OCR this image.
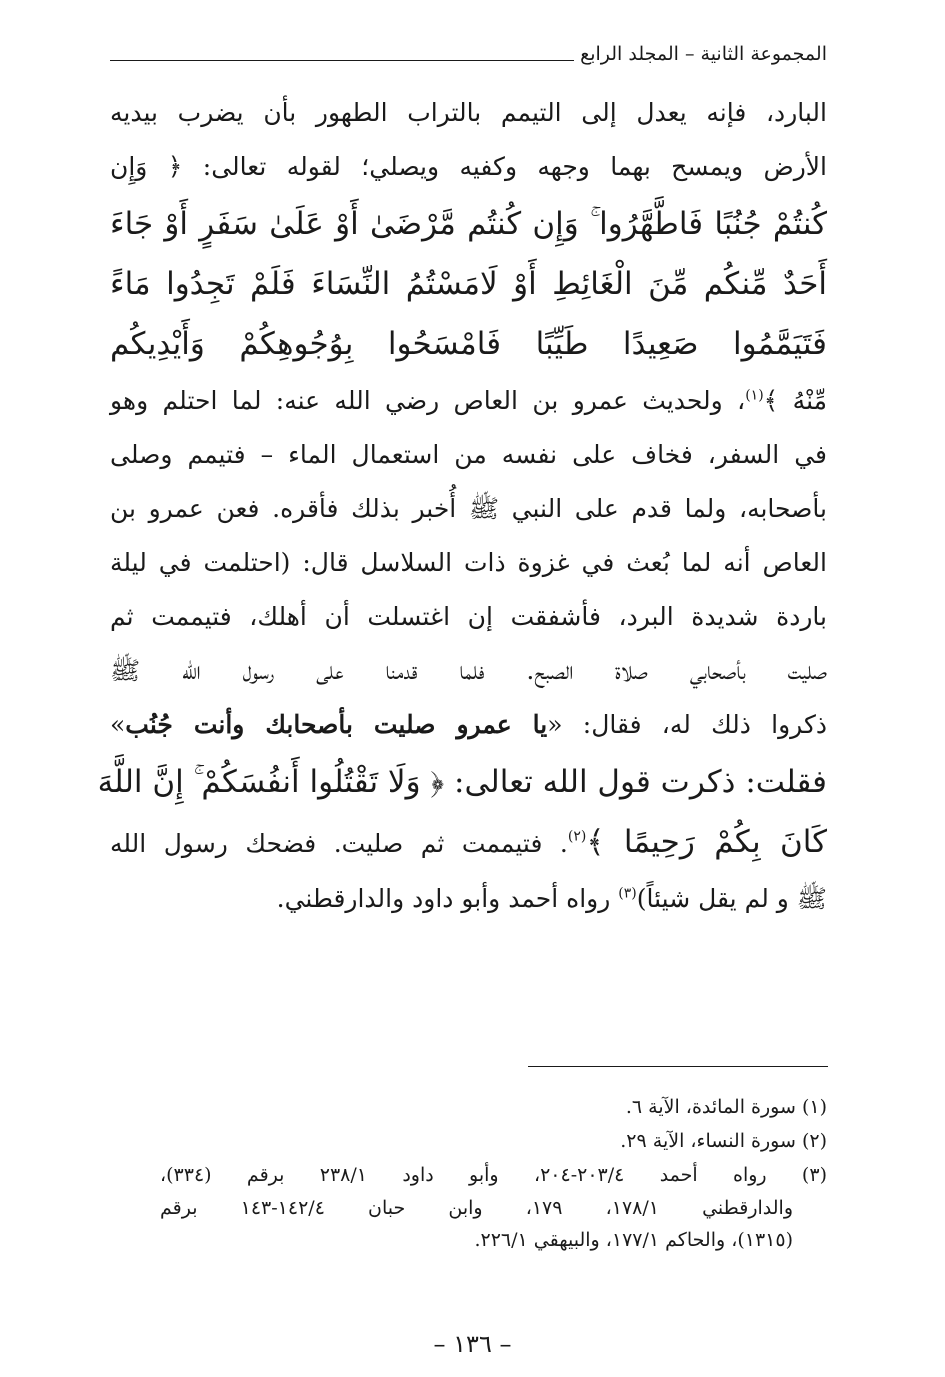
المجموعة الثانية – المجلد الرابع
البارد، فإنه يعدل إلى التيمم بالتراب الطهور بأن يضرب بيديه
الأرض ويمسح بهما وجهه وكفيه ويصلي؛ لقوله تعالى: ﴿ وَإِن
كُنتُمْ جُنُبًا فَاطَّهَّرُوا ۚ وَإِن كُنتُم مَّرْضَىٰ أَوْ عَلَىٰ سَفَرٍ أَوْ جَاءَ
أَحَدٌ مِّنكُم مِّنَ الْغَائِطِ أَوْ لَامَسْتُمُ النِّسَاءَ فَلَمْ تَجِدُوا مَاءً
فَتَيَمَّمُوا صَعِيدًا طَيِّبًا فَامْسَحُوا بِوُجُوهِكُمْ وَأَيْدِيكُم
مِّنْهُ ﴾$^{(١)}$، ولحديث عمرو بن العاص رضي الله عنه: لما احتلم وهو
في السفر، فخاف على نفسه من استعمال الماء – فتيمم وصلى
بأصحابه، ولما قدم على النبي ﷺ أُخبر بذلك فأقره. فعن عمرو بن
العاص أنه لما بُعث في غزوة ذات السلاسل قال: (احتلمت في ليلة
باردة شديدة البرد، فأشفقت إن اغتسلت أن أهلك، فتيممت ثم
صليت بأصحابي صلاة الصبح. فلما قدمنا على رسول الله ﷺ
ذكروا ذلك له، فقال: «يا عمرو صليت بأصحابك وأنت جُنُب»
فقلت: ذكرت قول الله تعالى: ﴿ وَلَا تَقْتُلُوا أَنفُسَكُمْ ۚ إِنَّ اللَّهَ
كَانَ بِكُمْ رَحِيمًا ﴾$^{(٢)}$. فتيممت ثم صليت. فضحك رسول الله
ﷺ و لم يقل شيئاً)$^{(٣)}$ رواه أحمد وأبو داود والدارقطني.
(١) سورة المائدة، الآية ٦.
(٢) سورة النساء، الآية ٢٩.
(٣) رواه أحمد ٢٠٣/٤-٢٠٤، وأبو داود ٢٣٨/١ برقم (٣٣٤)،
والدارقطني ١٧٨/١، ١٧٩، وابن حبان ١٤٢/٤-١٤٣ برقم
(١٣١٥)، والحاكم ١٧٧/١، والبيهقي ٢٢٦/١.
– ١٣٦ –
